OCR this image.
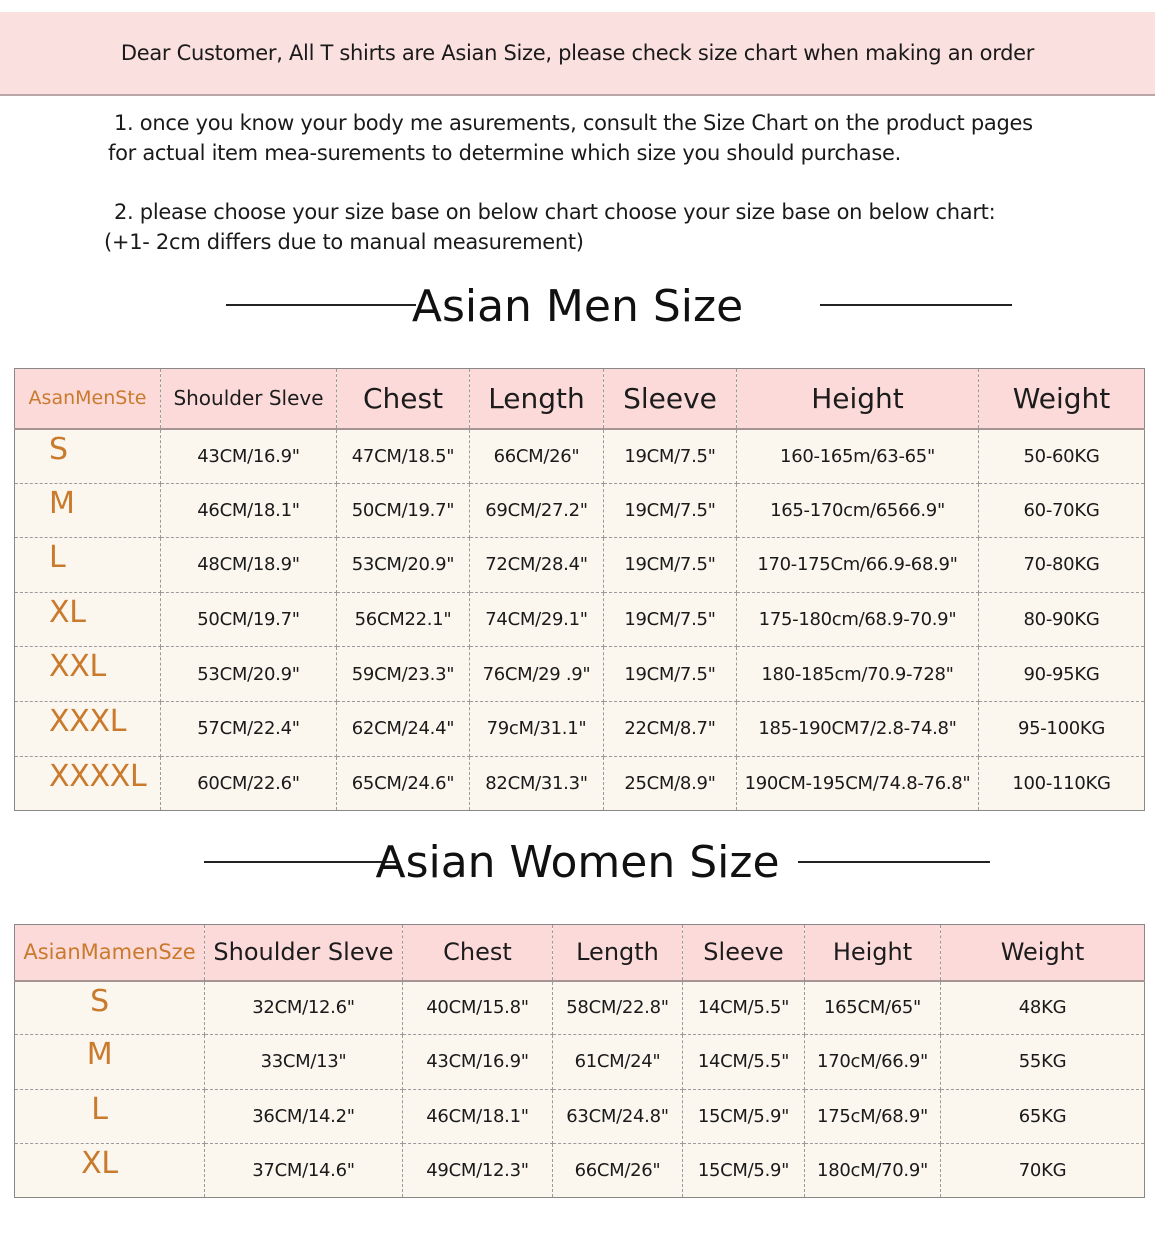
Dear Customer, All T shirts are Asian Size, please check size chart when making an order
1. once you know your body me asurements, consult the Size Chart on the product pages
for actual item mea-surements to determine which size you should purchase.
2. please choose your size base on below chart choose your size base on below chart:
(+1- 2cm differs due to manual measurement)
Asian Men Size
AsanMenSte	Shoulder Sleve	Chest	Length	Sleeve	Height	Weight
S	43CM/16.9"	47CM/18.5"	66CM/26"	19CM/7.5"	160-165m/63-65"	50-60KG
M	46CM/18.1"	50CM/19.7"	69CM/27.2"	19CM/7.5"	165-170cm/6566.9"	60-70KG
L	48CM/18.9"	53CM/20.9"	72CM/28.4"	19CM/7.5"	170-175Cm/66.9-68.9"	70-80KG
XL	50CM/19.7"	56CM22.1"	74CM/29.1"	19CM/7.5"	175-180cm/68.9-70.9"	80-90KG
XXL	53CM/20.9"	59CM/23.3"	76CM/29 .9"	19CM/7.5"	180-185cm/70.9-728"	90-95KG
XXXL	57CM/22.4"	62CM/24.4"	79cM/31.1"	22CM/8.7"	185-190CM7/2.8-74.8"	95-100KG
XXXXL	60CM/22.6"	65CM/24.6"	82CM/31.3"	25CM/8.9"	190CM-195CM/74.8-76.8"	100-110KG
Asian Women Size
AsianMamenSze	Shoulder Sleve	Chest	Length	Sleeve	Height	Weight
S	32CM/12.6"	40CM/15.8"	58CM/22.8"	14CM/5.5"	165CM/65"	48KG
M	33CM/13"	43CM/16.9"	61CM/24"	14CM/5.5"	170cM/66.9"	55KG
L	36CM/14.2"	46CM/18.1"	63CM/24.8"	15CM/5.9"	175cM/68.9"	65KG
XL	37CM/14.6"	49CM/12.3"	66CM/26"	15CM/5.9"	180cM/70.9"	70KG
